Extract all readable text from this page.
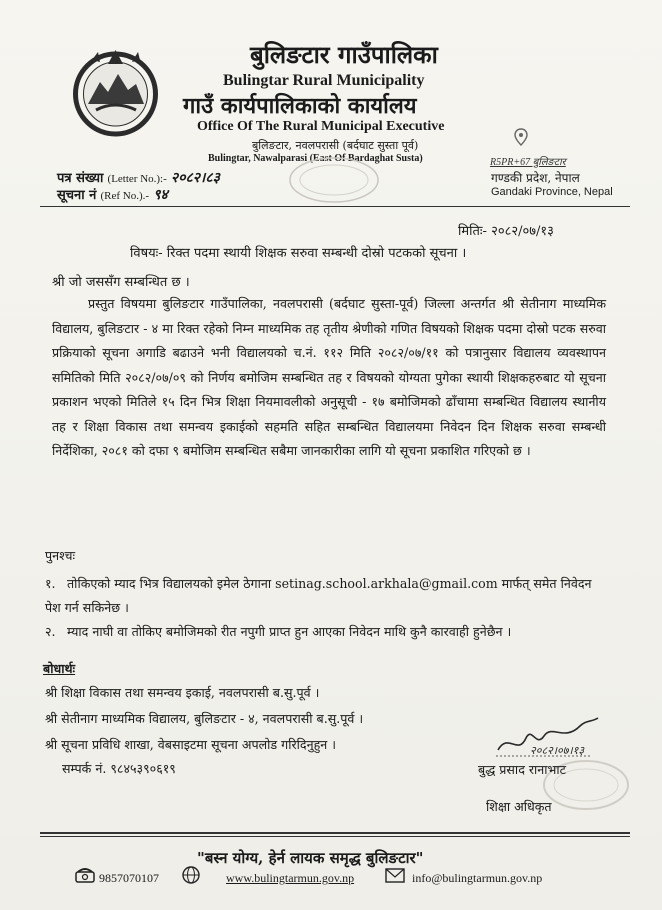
बुलिङटार गाउँपालिका
Bulingtar Rural Municipality
गाउँ कार्यपालिकाको कार्यालय
Office Of The Rural Municipal Executive
बुलिङटार, नवलपरासी (बर्दघाट सुस्ता पूर्व)
Bulingtar, Nawalparasi (East Of Bardaghat Susta)	R5PR+67 बुलिङटार
गण्डकी प्रदेश, नेपाल
Gandaki Province, Nepal
पत्र संख्या (Letter No.):- २०८२।८३
सूचना नं (Ref No.).- ९४
मितिः- २०८२/०७/१३
विषयः- रिक्त पदमा स्थायी शिक्षक सरुवा सम्बन्धी दोस्रो पटकको सूचना ।
श्री जो जससँग सम्बन्धित छ ।
प्रस्तुत विषयमा बुलिङटार गाउँपालिका, नवलपरासी (बर्दघाट सुस्ता-पूर्व) जिल्ला अन्तर्गत श्री सेतीनाग माध्यमिक विद्यालय, बुलिङटार - ४ मा रिक्त रहेको निम्न माध्यमिक तह तृतीय श्रेणीको गणित विषयको शिक्षक पदमा दोस्रो पटक सरुवा प्रक्रियाको सूचना अगाडि बढाउने भनी विद्यालयको च.नं. ११२ मिति २०८२/०७/११ को पत्रानुसार विद्यालय व्यवस्थापन समितिको मिति २०८२/०७/०९ को निर्णय बमोजिम सम्बन्धित तह र विषयको योग्यता पुगेका स्थायी शिक्षकहरुबाट यो सूचना प्रकाशन भएको मितिले १५ दिन भित्र शिक्षा नियमावलीको अनुसूची - १७ बमोजिमको ढाँचामा सम्बन्धित विद्यालय स्थानीय तह र शिक्षा विकास तथा समन्वय इकाईको सहमति सहित सम्बन्धित विद्यालयमा निवेदन दिन शिक्षक सरुवा सम्बन्धी निर्देशिका, २०८१ को दफा ९ बमोजिम सम्बन्धित सबैमा जानकारीका लागि यो सूचना प्रकाशित गरिएको छ ।
पुनश्चः
१. तोकिएको म्याद भित्र विद्यालयको इमेल ठेगाना setinag.school.arkhala@gmail.com मार्फत् समेत निवेदन पेश गर्न सकिनेछ ।
२. म्याद नाघी वा तोकिए बमोजिमको रीत नपुगी प्राप्त हुन आएका निवेदन माथि कुनै कारवाही हुनेछैन ।
बोधार्थः
श्री शिक्षा विकास तथा समन्वय इकाई, नवलपरासी ब.सु.पूर्व ।
श्री सेतीनाग माध्यमिक विद्यालय, बुलिङटार - ४, नवलपरासी ब.सु.पूर्व ।
श्री सूचना प्रविधि शाखा, वेबसाइटमा सूचना अपलोड गरिदिनुहुन ।
सम्पर्क नं. ९८४५३९०६१९
२०८२।०७।१३
बुद्ध प्रसाद रानाभाट
शिक्षा अधिकृत
"बस्न योग्य, हेर्न लायक समृद्ध बुलिङटार"
9857070107	www.bulingtarmun.gov.np	info@bulingtarmun.gov.np
